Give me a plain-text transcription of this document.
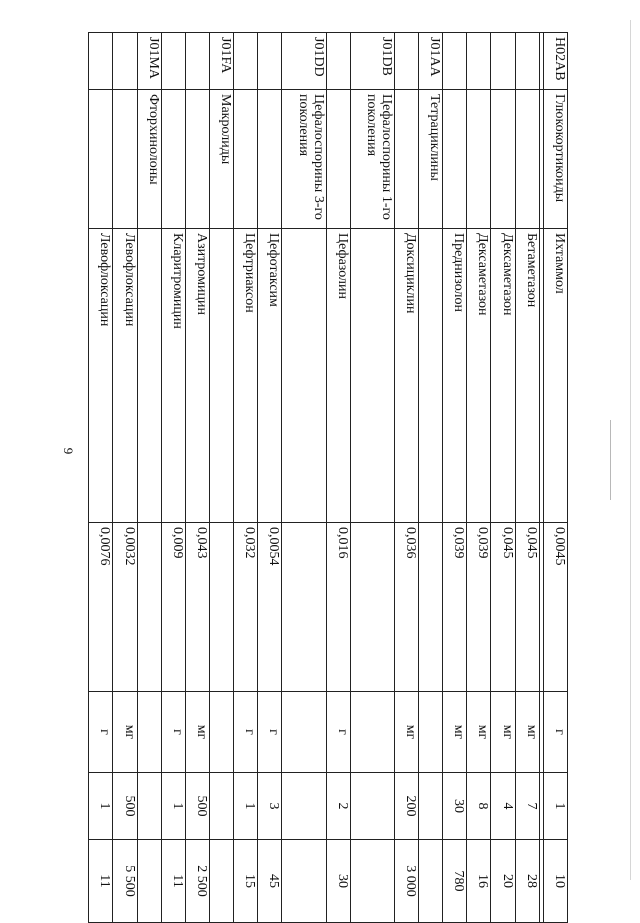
9
H02AB	Глюкокортикоиды	Ихтаммол	0,0045	г	1	10

		Бетаметазон	0,045	мг	7	28
		Дексаметазон	0,045	мг	4	20
		Дексаметазон	0,039	мг	8	16
		Преднизолон	0,039	мг	30	780
J01AA	Тетрациклины					
		Доксициклин	0,036	мг	200	3 000
J01DB	Цефалоспорины 1-го поколения					
		Цефазолин	0,016	г	2	30
J01DD	Цефалоспорины 3-го поколения					
		Цефотаксим	0,0054	г	3	45
		Цефтриаксон	0,032	г	1	15
J01FA	Макролиды					
		Азитромицин	0,043	мг	500	2 500
		Кларитромицин	0,009	г	1	11
J01MA	Фторхинолоны					
		Левофлоксацин	0,0032	мг	500	5 500
		Левофлоксацин	0,0076	г	1	11
